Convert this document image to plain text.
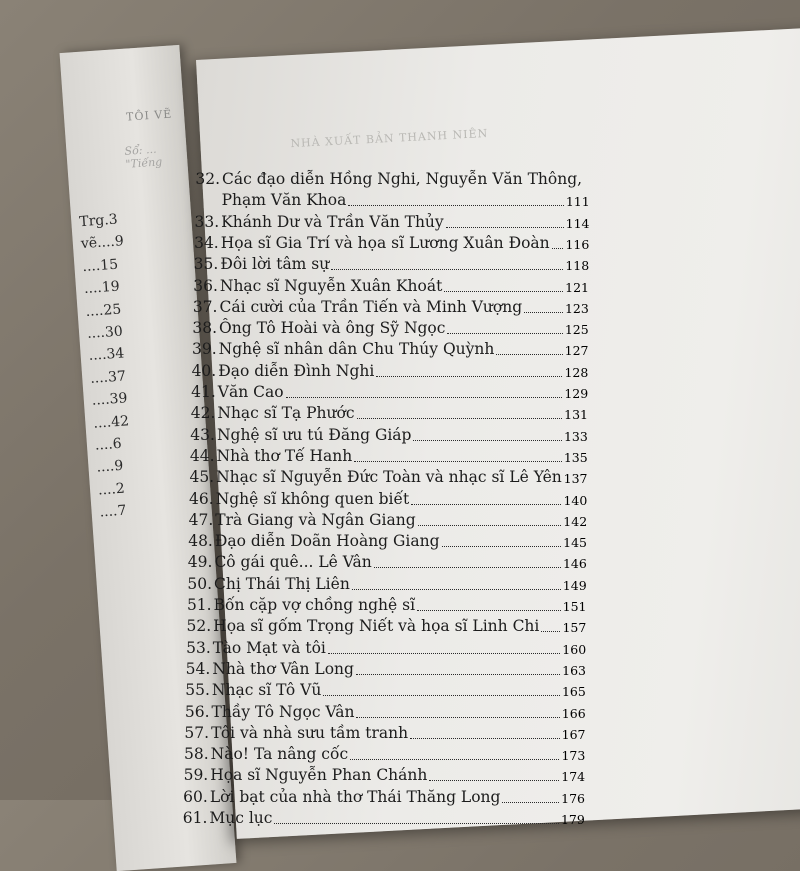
TÔI VẼ
Sổ: ...
"Tiếng
Trg.3
vẽ....9
....15
....19
....25
....30
....34
....37
....39
....42
....6
....9
....2
....7
NHÀ XUẤT BẢN THANH NIÊN
32. Các đạo diễn Hồng Nghi, Nguyễn Văn Thông,
Phạm Văn Khoa	111
33. Khánh Dư và Trần Văn Thủy	114
34. Họa sĩ Gia Trí và họa sĩ Lương Xuân Đoàn 116
35. Đôi lời tâm sự	118
36. Nhạc sĩ Nguyễn Xuân Khoát	121
37. Cái cười của Trần Tiến và Minh Vượng	123
38. Ông Tô Hoài và ông Sỹ Ngọc	125
39. Nghệ sĩ nhân dân Chu Thúy Quỳnh	127
40. Đạo diễn Đình Nghi	128
41. Văn Cao	129
42. Nhạc sĩ Tạ Phước	131
43. Nghệ sĩ ưu tú Đăng Giáp	133
44. Nhà thơ Tế Hanh	135
45. Nhạc sĩ Nguyễn Đức Toàn và nhạc sĩ Lê Yên 137
46. Nghệ sĩ không quen biết	140
47. Trà Giang và Ngân Giang	142
48. Đạo diễn Doãn Hoàng Giang	145
49. Cô gái quê... Lê Vân	146
50. Chị Thái Thị Liên	149
51. Bốn cặp vợ chồng nghệ sĩ	151
52. Họa sĩ gốm Trọng Niết và họa sĩ Linh Chi 157
53. Tào Mạt và tôi	160
54. Nhà thơ Vân Long	163
55. Nhạc sĩ Tô Vũ	165
56. Thầy Tô Ngọc Vân	166
57. Tôi và nhà sưu tầm tranh	167
58. Nào! Ta nâng cốc	173
59. Họa sĩ Nguyễn Phan Chánh	174
60. Lời bạt của nhà thơ Thái Thăng Long	176
61. Mục lục	179
